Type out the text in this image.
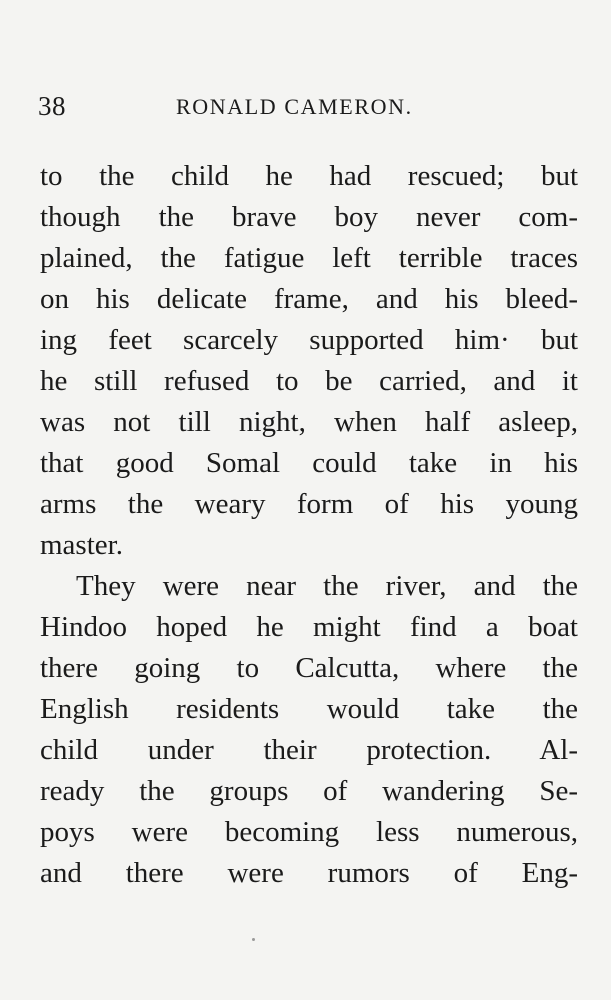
38	RONALD CAMERON.
to the child he had rescued; but
though the brave boy never com-
plained, the fatigue left terrible traces
on his delicate frame, and his bleed-
ing feet scarcely supported him· but
he still refused to be carried, and it
was not till night, when half asleep,
that good Somal could take in his
arms the weary form of his young
master.
They were near the river, and the
Hindoo hoped he might find a boat
there going to Calcutta, where the
English residents would take the
child under their protection. Al-
ready the groups of wandering Se-
poys were becoming less numerous,
and there were rumors of Eng-
